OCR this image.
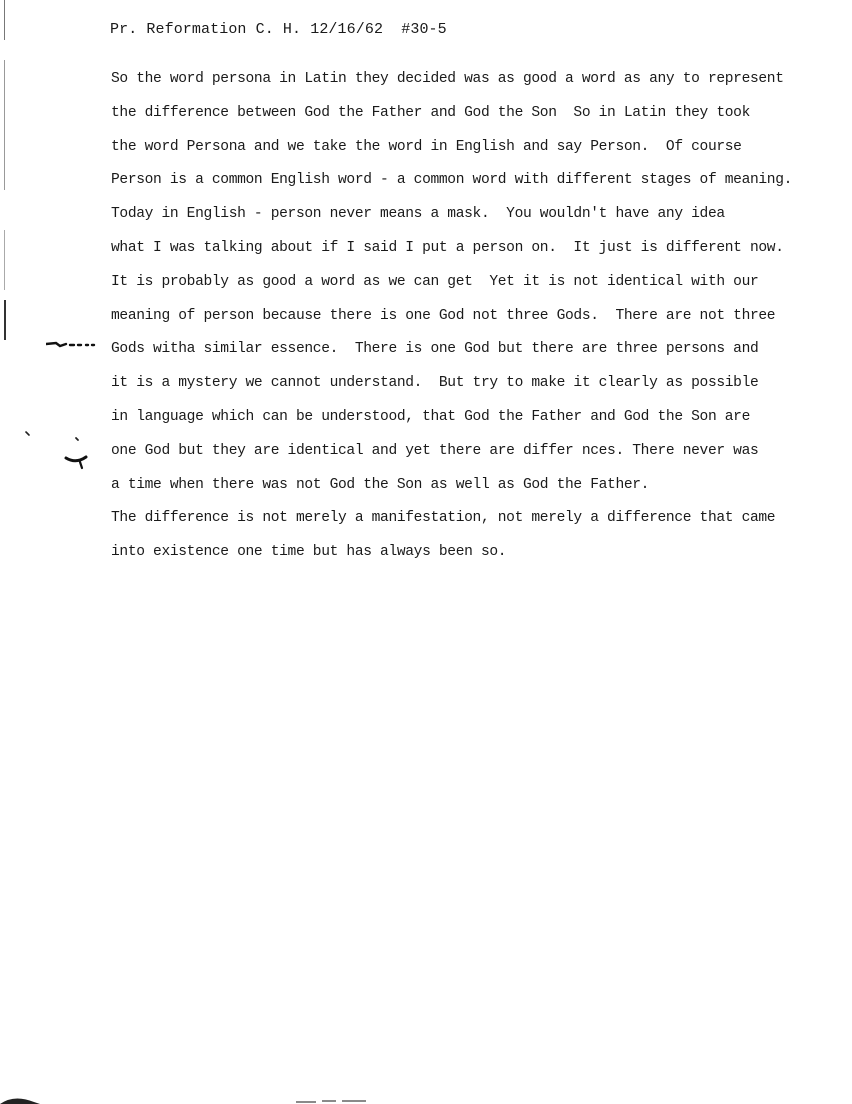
Pr. Reformation C. H. 12/16/62  #30-5
So the word persona in Latin they decided was as good a word as any to represent
the difference between God the Father and God the Son  So in Latin they took
the word Persona and we take the word in English and say Person.  Of course
Person is a common English word - a common word with different stages of meaning.
Today in English - person never means a mask.  You wouldn't have any idea
what I was talking about if I said I put a person on.  It just is different now.
It is probably as good a word as we can get  Yet it is not identical with our
meaning of person because there is one God not three Gods.  There are not three
Gods witha similar essence.  There is one God but there are three persons and
it is a mystery we cannot understand.  But try to make it clearly as possible
in language which can be understood, that God the Father and God the Son are
one God but they are identical and yet there are differ nces. There never was
a time when there was not God the Son as well as God the Father.
The difference is not merely a manifestation, not merely a difference that came
into existence one time but has always been so.
